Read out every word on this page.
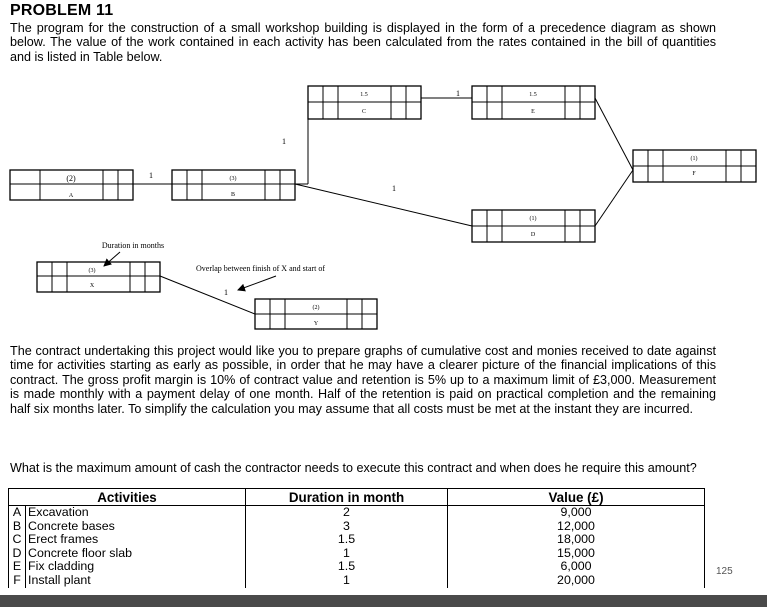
PROBLEM 11

The program for the construction of a small workshop building is displayed in the form of a precedence diagram as shown below. The value of the work contained in each activity has been calculated from the rates contained in the bill of quantities and is listed in Table below.

(2)
A
(3)
B
1.5
C
1.5
E
(1)
D
(1)
F
1
1
1
1
Duration in months
(3)
X
Overlap between finish of X and start of
1
(2)
Y

The contract undertaking this project would like you to prepare graphs of cumulative cost and monies received to date against time for activities starting as early as possible, in order that he may have a clearer picture of the financial implications of this contract. The gross profit margin is 10% of contract value and retention is 5% up to a maximum limit of £3,000. Measurement is made monthly with a payment delay of one month. Half of the retention is paid on practical completion and the remaining half six months later. To simplify the calculation you may assume that all costs must be met at the instant they are incurred.

What is the maximum amount of cash the contractor needs to execute this contract and when does he require this amount?

Activities		Duration in month	Value (£)
A	Excavation	2	9,000
B	Concrete bases	3	12,000
C	Erect frames	1.5	18,000
D	Concrete floor slab	1	15,000
E	Fix cladding	1.5	6,000
F	Install plant	1	20,000
125
